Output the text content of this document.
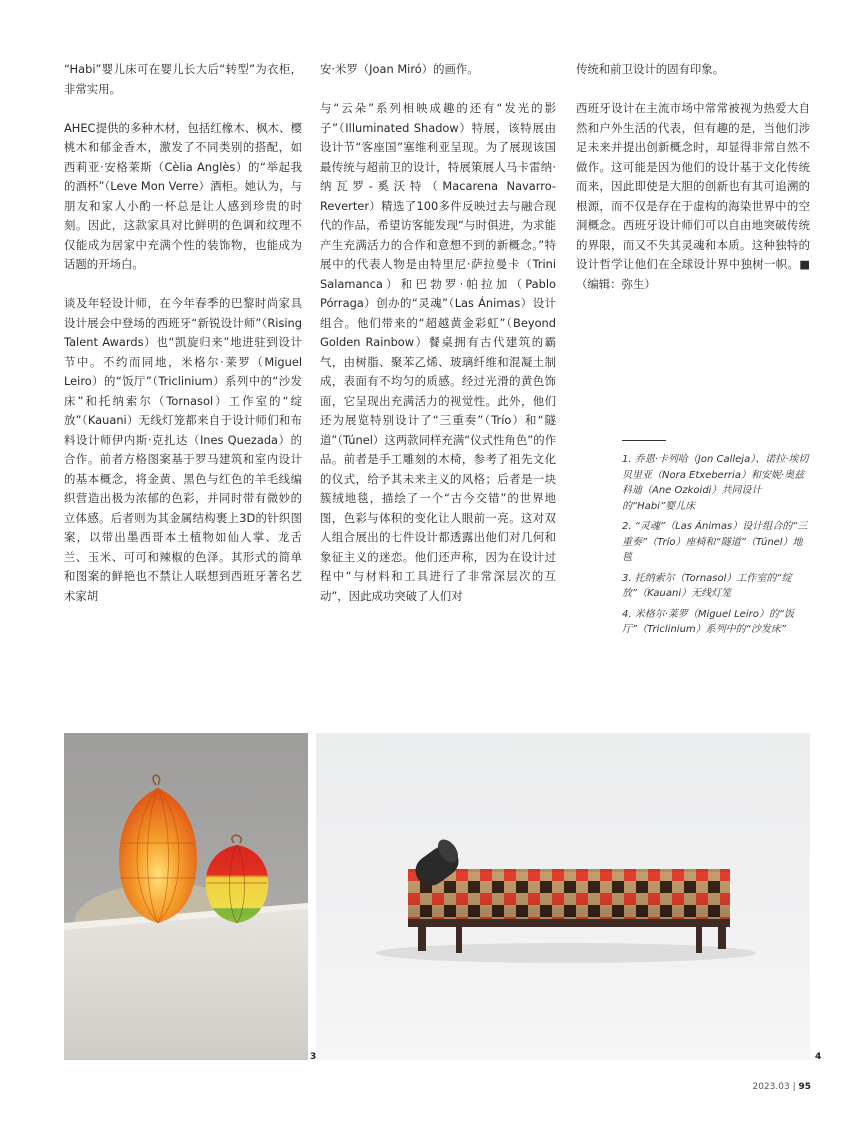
“Habi”婴儿床可在婴儿长大后“转型”为衣柜，非常实用。

AHEC提供的多种木材，包括红橡木、枫木、樱桃木和郁金香木，激发了不同类别的搭配，如西莉亚·安格莱斯（Cèlia Anglès）的“举起我的酒杯”（Leve Mon Verre）酒柜。她认为，与朋友和家人小酌一杯总是让人感到珍贵的时刻。因此，这款家具对比鲜明的色调和纹理不仅能成为居家中充满个性的装饰物，也能成为话题的开场白。

谈及年轻设计师，在今年春季的巴黎时尚家具设计展会中登场的西班牙“新锐设计师”（Rising Talent Awards）也“凯旋归来”地进驻到设计节中。不约而同地，米格尔·莱罗（Miguel Leiro）的“饭厅”（Triclinium）系列中的“沙发床”和托纳索尔（Tornasol）工作室的“绽放”（Kauani）无线灯笼都来自于设计师们和布料设计师伊内斯·克扎达（Ines Quezada）的合作。前者方格图案基于罗马建筑和室内设计的基本概念，将金黄、黑色与红色的羊毛线编织营造出极为浓郁的色彩，并同时带有微妙的立体感。后者则为其金属结构裹上3D的针织图案，以带出墨西哥本土植物如仙人掌、龙舌兰、玉米、可可和辣椒的色泽。其形式的简单和图案的鲜艳也不禁让人联想到西班牙著名艺术家胡

安·米罗（Joan Miró）的画作。

与“云朵”系列相映成趣的还有“发光的影子”（Illuminated Shadow）特展，该特展由设计节“客座国”塞维利亚呈现。为了展现该国最传统与超前卫的设计，特展策展人马卡雷纳·纳瓦罗-奚沃特（Macarena Navarro-Reverter）精选了100多件反映过去与融合现代的作品，希望访客能发现“与时俱进，为求能产生充满活力的合作和意想不到的新概念。”特展中的代表人物是由特里尼·萨拉曼卡（Trini Salamanca）和巴勃罗·帕拉加（Pablo Pórraga）创办的“灵魂”（Las Ánimas）设计组合。他们带来的“超越黄金彩虹”（Beyond Golden Rainbow）餐桌拥有古代建筑的霸气，由树脂、聚苯乙烯、玻璃纤维和混凝土制成，表面有不均匀的质感。经过光滑的黄色饰面，它呈现出充满活力的视觉性。此外，他们还为展览特别设计了“三重奏”（Trío）和“隧道”（Túnel）这两款同样充满“仪式性角色”的作品。前者是手工雕刻的木椅，参考了祖先文化的仪式，给予其未来主义的风格；后者是一块簇绒地毯，描绘了一个“古今交错”的世界地图，色彩与体积的变化让人眼前一亮。这对双人组合展出的七件设计都透露出他们对几何和象征主义的迷恋。他们还声称，因为在设计过程中“与材料和工具进行了非常深层次的互动”，因此成功突破了人们对

传统和前卫设计的固有印象。

西班牙设计在主流市场中常常被视为热爱大自然和户外生活的代表，但有趣的是，当他们涉足未来并提出创新概念时，却显得非常自然不做作。这可能是因为他们的设计基于文化传统而来，因此即使是大胆的创新也有其可追溯的根源，而不仅是存在于虚构的海染世界中的空洞概念。西班牙设计师们可以自由地突破传统的界限，而又不失其灵魂和本质。这种独特的设计哲学让他们在全球设计界中独树一帜。■（编辑：弥生）

1. 乔恩·卡列哈（Jon Calleja）、诺拉·埃切贝里亚（Nora Etxeberria）和安妮·奥兹科迪（Ane Ozkoidi）共同设计的“Habi”婴儿床
2. “灵魂”（Las Ánimas）设计组合的“三重奏”（Trío）座椅和“隧道”（Túnel）地毯
3. 托纳索尔（Tornasol）工作室的“绽放”（Kauani）无线灯笼
4. 米格尔·莱罗（Miguel Leiro）的“饭厅”（Triclinium）系列中的“沙发床”
3	4
2023.03 | 95
